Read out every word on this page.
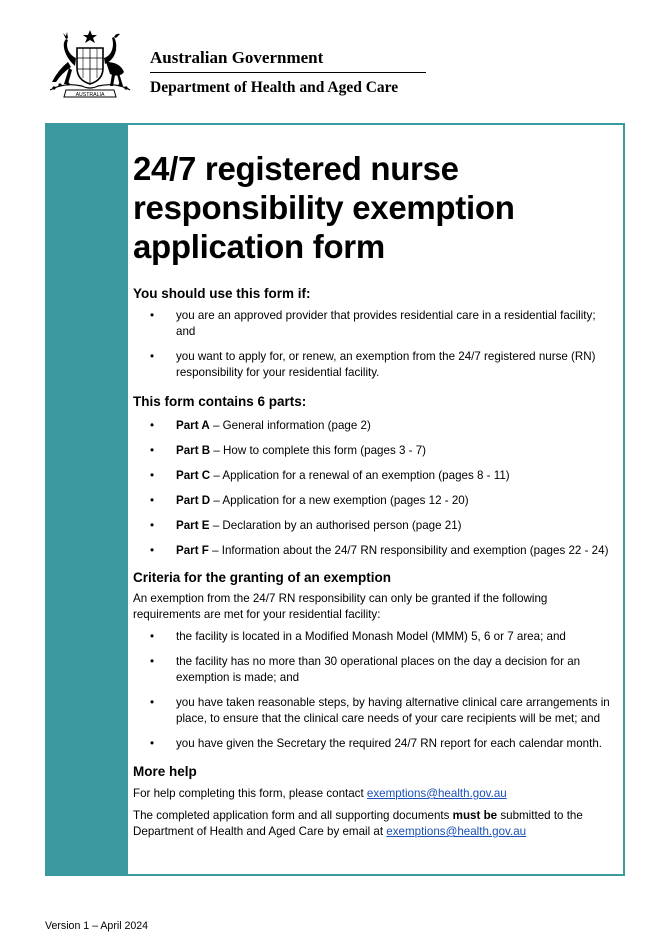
AUSTRALIA
Australian Government
Department of Health and Aged Care
24/7 registered nurse
responsibility exemption
application form
You should use this form if:
• you are an approved provider that provides residential care in a residential facility; and
• you want to apply for, or renew, an exemption from the 24/7 registered nurse (RN) responsibility for your residential facility.
This form contains 6 parts:
• Part A – General information (page 2)
• Part B – How to complete this form (pages 3 - 7)
• Part C – Application for a renewal of an exemption (pages 8 - 11)
• Part D – Application for a new exemption (pages 12 - 20)
• Part E – Declaration by an authorised person (page 21)
• Part F – Information about the 24/7 RN responsibility and exemption (pages 22 - 24)
Criteria for the granting of an exemption

An exemption from the 24/7 RN responsibility can only be granted if the following requirements are met for your residential facility:

• the facility is located in a Modified Monash Model (MMM) 5, 6 or 7 area; and
• the facility has no more than 30 operational places on the day a decision for an exemption is made; and
• you have taken reasonable steps, by having alternative clinical care arrangements in place, to ensure that the clinical care needs of your care recipients will be met; and
• you have given the Secretary the required 24/7 RN report for each calendar month.
More help

For help completing this form, please contact exemptions@health.gov.au

The completed application form and all supporting documents must be submitted to the Department of Health and Aged Care by email at exemptions@health.gov.au

Version 1 – April 2024
